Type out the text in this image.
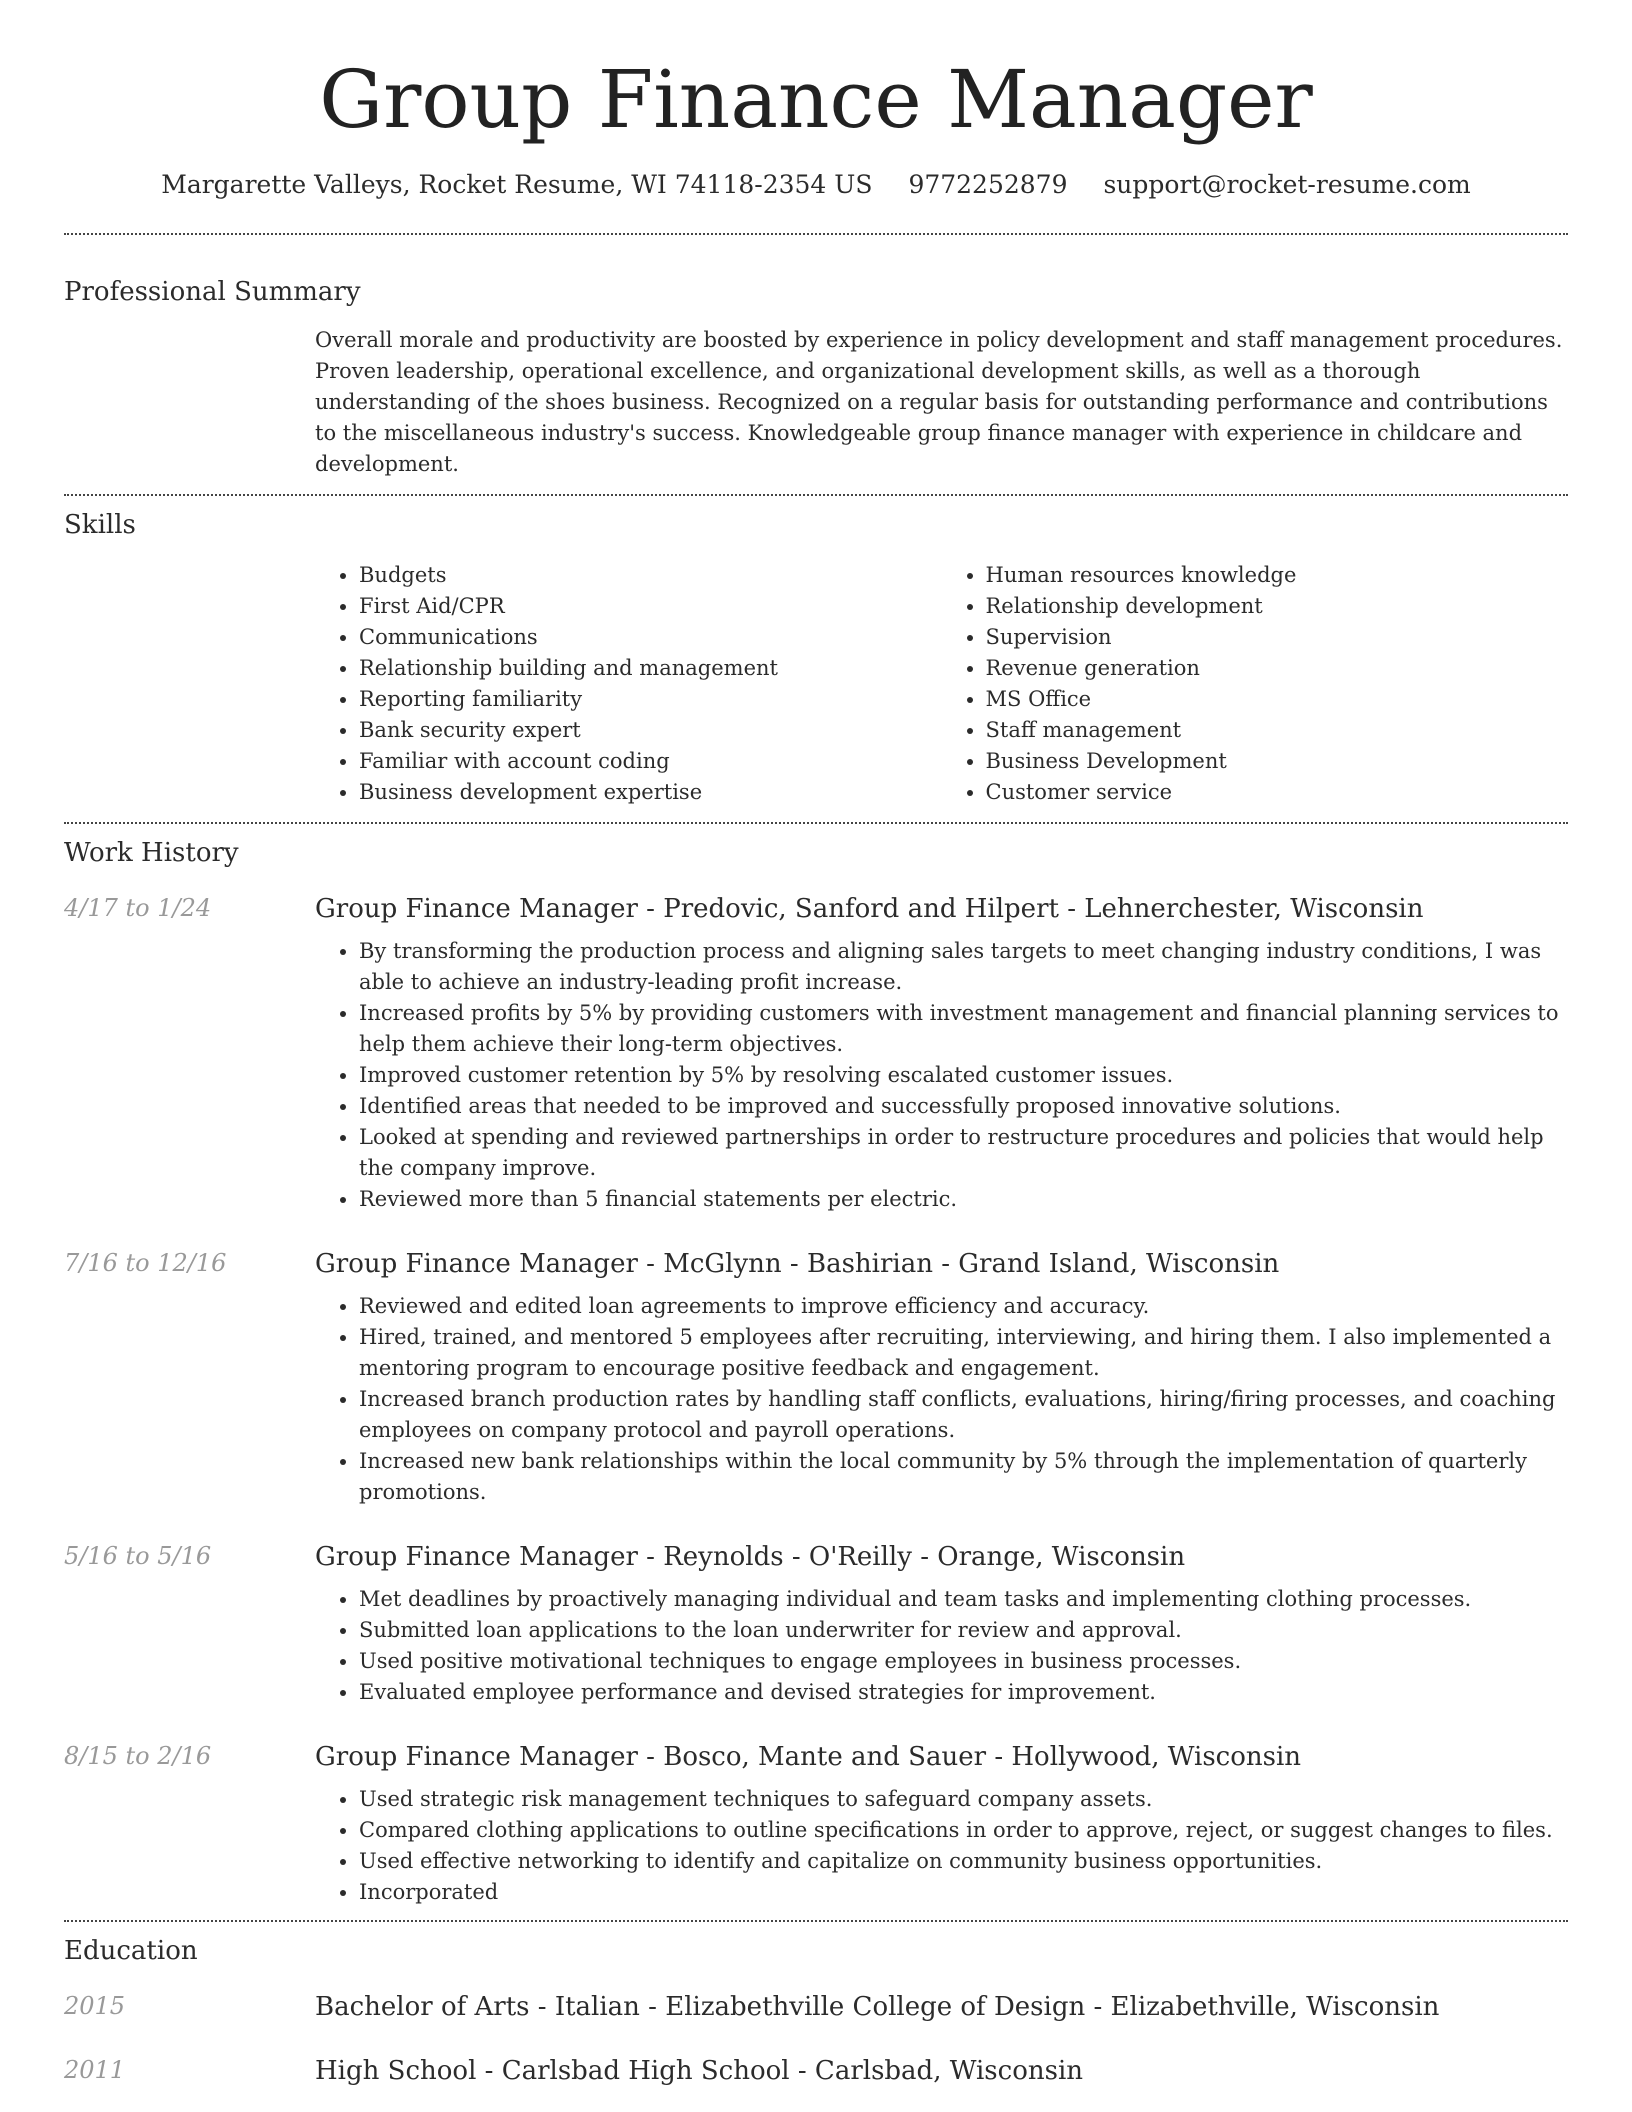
Group Finance Manager
Margarette Valleys, Rocket Resume, WI 74118-2354 US 9772252879 support@rocket-resume.com
Professional Summary

Overall morale and productivity are boosted by experience in policy development and staff management procedures. Proven leadership, operational excellence, and organizational development skills, as well as a thorough understanding of the shoes business. Recognized on a regular basis for outstanding performance and contributions to the miscellaneous industry's success. Knowledgeable group finance manager with experience in childcare and development.

Skills
• Budgets
• First Aid/CPR
• Communications
• Relationship building and management
• Reporting familiarity
• Bank security expert
• Familiar with account coding
• Business development expertise
• Human resources knowledge
• Relationship development
• Supervision
• Revenue generation
• MS Office
• Staff management
• Business Development
• Customer service
Work History
4/17 to 1/24	Group Finance Manager - Predovic, Sanford and Hilpert - Lehnerchester, Wisconsin
• By transforming the production process and aligning sales targets to meet changing industry conditions, I was able to achieve an industry-leading profit increase.
• Increased profits by 5% by providing customers with investment management and financial planning services to help them achieve their long-term objectives.
• Improved customer retention by 5% by resolving escalated customer issues.
• Identified areas that needed to be improved and successfully proposed innovative solutions.
• Looked at spending and reviewed partnerships in order to restructure procedures and policies that would help the company improve.
• Reviewed more than 5 financial statements per electric.
7/16 to 12/16	Group Finance Manager - McGlynn - Bashirian - Grand Island, Wisconsin
• Reviewed and edited loan agreements to improve efficiency and accuracy.
• Hired, trained, and mentored 5 employees after recruiting, interviewing, and hiring them. I also implemented a mentoring program to encourage positive feedback and engagement.
• Increased branch production rates by handling staff conflicts, evaluations, hiring/firing processes, and coaching employees on company protocol and payroll operations.
• Increased new bank relationships within the local community by 5% through the implementation of quarterly promotions.
5/16 to 5/16	Group Finance Manager - Reynolds - O'Reilly - Orange, Wisconsin
• Met deadlines by proactively managing individual and team tasks and implementing clothing processes.
• Submitted loan applications to the loan underwriter for review and approval.
• Used positive motivational techniques to engage employees in business processes.
• Evaluated employee performance and devised strategies for improvement.
8/15 to 2/16	Group Finance Manager - Bosco, Mante and Sauer - Hollywood, Wisconsin
• Used strategic risk management techniques to safeguard company assets.
• Compared clothing applications to outline specifications in order to approve, reject, or suggest changes to files.
• Used effective networking to identify and capitalize on community business opportunities.
• Incorporated
Education
2015	Bachelor of Arts - Italian - Elizabethville College of Design - Elizabethville, Wisconsin
2011	High School - Carlsbad High School - Carlsbad, Wisconsin
